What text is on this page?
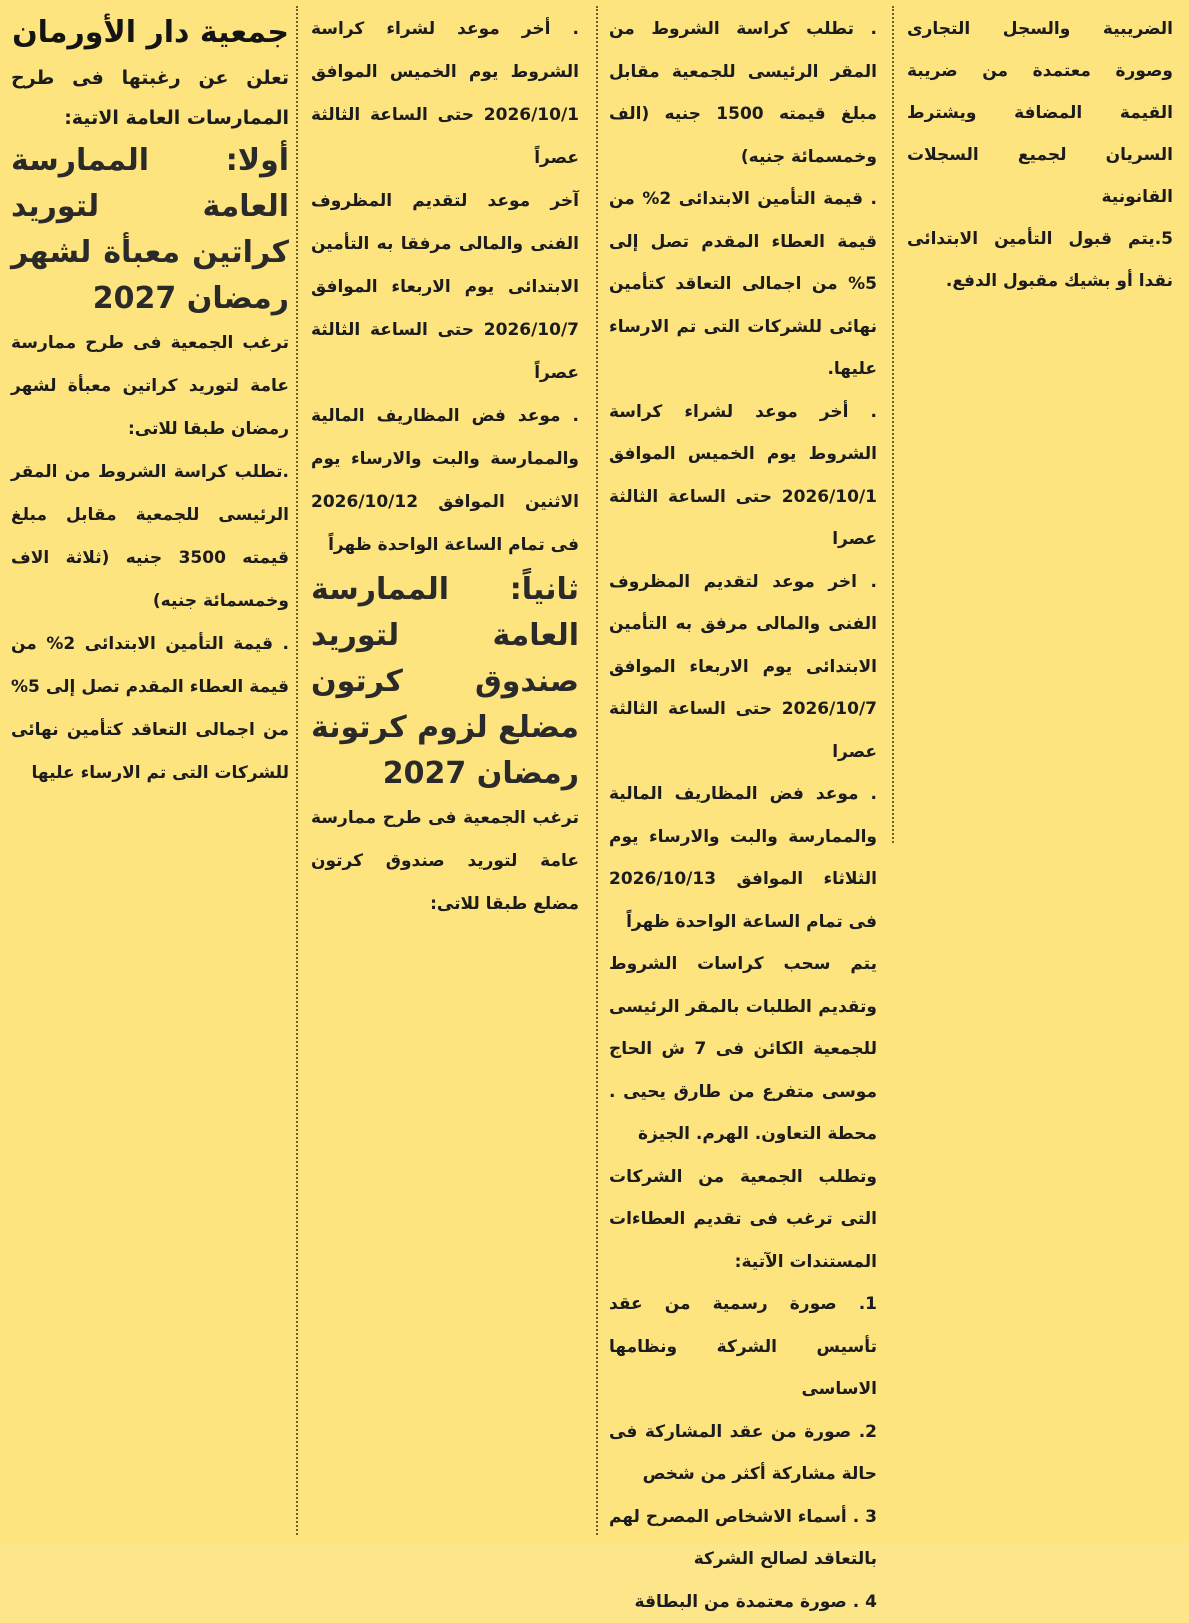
جمعية دار الأورمان

تعلن عن رغبتها فى طرح الممارسات العامة الاتية:

أولا: الممارسة العامة لتوريد كراتين معبأة لشهر رمضان 2027

ترغب الجمعية فى طرح ممارسة عامة لتوريد كراتين معبأة لشهر رمضان طبقا للاتى:

.تطلب كراسة الشروط من المقر الرئيسى للجمعية مقابل مبلغ قيمته 3500 جنيه (ثلاثة الاف وخمسمائة جنيه)

. قيمة التأمين الابتدائى 2% من قيمة العطاء المقدم تصل إلى 5% من اجمالى التعاقد كتأمين نهائى للشركات التى تم الارساء عليها

. أخر موعد لشراء كراسة الشروط يوم الخميس الموافق 2026/10/1 حتى الساعة الثالثة عصراً

آخر موعد لتقديم المظروف الفنى والمالى مرفقا به التأمين الابتدائى يوم الاربعاء الموافق 2026/10/7 حتى الساعة الثالثة عصراً

. موعد فض المظاريف المالية والممارسة والبت والارساء يوم الاثنين الموافق 2026/10/12 فى تمام الساعة الواحدة ظهراً

ثانياً: الممارسة العامة لتوريد صندوق كرتون مضلع لزوم كرتونة رمضان 2027

ترغب الجمعية فى طرح ممارسة عامة لتوريد صندوق كرتون مضلع طبقا للاتى:

. تطلب كراسة الشروط من المقر الرئيسى للجمعية مقابل مبلغ قيمته 1500 جنيه (الف وخمسمائة جنيه)

. قيمة التأمين الابتدائى 2% من قيمة العطاء المقدم تصل إلى 5% من اجمالى التعاقد كتأمين نهائى للشركات التى تم الارساء عليها.

. أخر موعد لشراء كراسة الشروط يوم الخميس الموافق 2026/10/1 حتى الساعة الثالثة عصرا

. اخر موعد لتقديم المظروف الفنى والمالى مرفق به التأمين الابتدائى يوم الاربعاء الموافق 2026/10/7 حتى الساعة الثالثة عصرا

. موعد فض المظاريف المالية والممارسة والبت والارساء يوم الثلاثاء الموافق 2026/10/13 فى تمام الساعة الواحدة ظهراً

يتم سحب كراسات الشروط وتقديم الطلبات بالمقر الرئيسى للجمعية الكائن فى 7 ش الحاج موسى متفرع من طارق يحيى . محطة التعاون. الهرم. الجيزة

وتطلب الجمعية من الشركات التى ترغب فى تقديم العطاءات المستندات الآتية:

1. صورة رسمية من عقد تأسيس الشركة ونظامها الاساسى

2. صورة من عقد المشاركة فى حالة مشاركة أكثر من شخص

3 . أسماء الاشخاص المصرح لهم بالتعاقد لصالح الشركة

4 . صورة معتمدة من البطاقة

الضريبية والسجل التجارى وصورة معتمدة من ضريبة القيمة المضافة ويشترط السريان لجميع السجلات القانونية

5.يتم قبول التأمين الابتدائى نقدا أو بشيك مقبول الدفع.
